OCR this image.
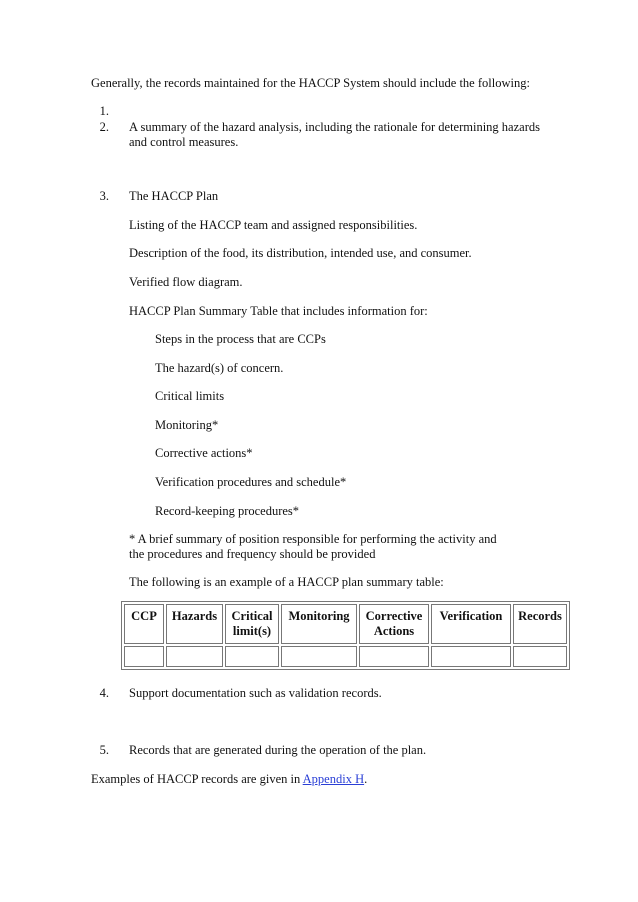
Generally, the records maintained for the HACCP System should include the following:
1.
2. A summary of the hazard analysis, including the rationale for determining hazards and control measures.
3. The HACCP Plan
Listing of the HACCP team and assigned responsibilities.
Description of the food, its distribution, intended use, and consumer.
Verified flow diagram.
HACCP Plan Summary Table that includes information for:
Steps in the process that are CCPs
The hazard(s) of concern.
Critical limits
Monitoring*
Corrective actions*
Verification procedures and schedule*
Record-keeping procedures*
* A brief summary of position responsible for performing the activity and the procedures and frequency should be provided
The following is an example of a HACCP plan summary table:
CCP	Hazards	Critical limit(s)	Monitoring	Corrective Actions	Verification	Records

4. Support documentation such as validation records.
5. Records that are generated during the operation of the plan.
Examples of HACCP records are given in Appendix H.
